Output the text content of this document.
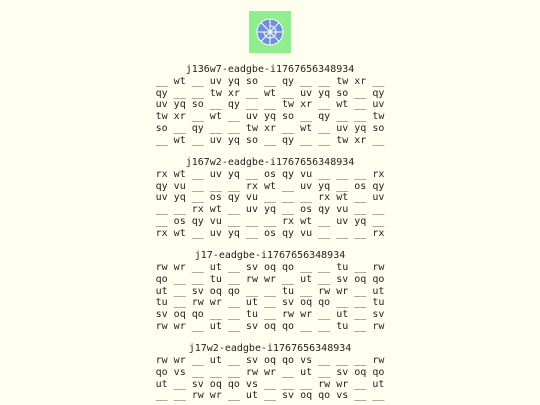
j136w7-eadgbe-i1767656348934
__ wt __ uv yq so __ qy __ __ tw xr __
qy __ __ tw xr __ wt __ uv yq so __ qy
uv yq so __ qy __ __ tw xr __ wt __ uv
tw xr __ wt __ uv yq so __ qy __ __ tw
so __ qy __ __ tw xr __ wt __ uv yq so
__ wt __ uv yq so __ qy __ __ tw xr __
j167w2-eadgbe-i1767656348934
rx wt __ uv yq __ os qy vu __ __ __ rx
qy vu __ __ __ rx wt __ uv yq __ os qy
uv yq __ os qy vu __ __ __ rx wt __ uv
__ __ rx wt __ uv yq __ os qy vu __ __
__ os qy vu __ __ __ rx wt __ uv yq __
rx wt __ uv yq __ os qy vu __ __ __ rx
j17-eadgbe-i1767656348934
rw wr __ ut __ sv oq qo __ __ tu __ rw
qo __ __ tu __ rw wr __ ut __ sv oq qo
ut __ sv oq qo __ __ tu __ rw wr __ ut
tu __ rw wr __ ut __ sv oq qo __ __ tu
sv oq qo __ __ tu __ rw wr __ ut __ sv
rw wr __ ut __ sv oq qo __ __ tu __ rw
j17w2-eadgbe-i1767656348934
rw wr __ ut __ sv oq qo vs __ __ __ rw
qo vs __ __ __ rw wr __ ut __ sv oq qo
ut __ sv oq qo vs __ __ __ rw wr __ ut
__ __ rw wr __ ut __ sv oq qo vs __ __
